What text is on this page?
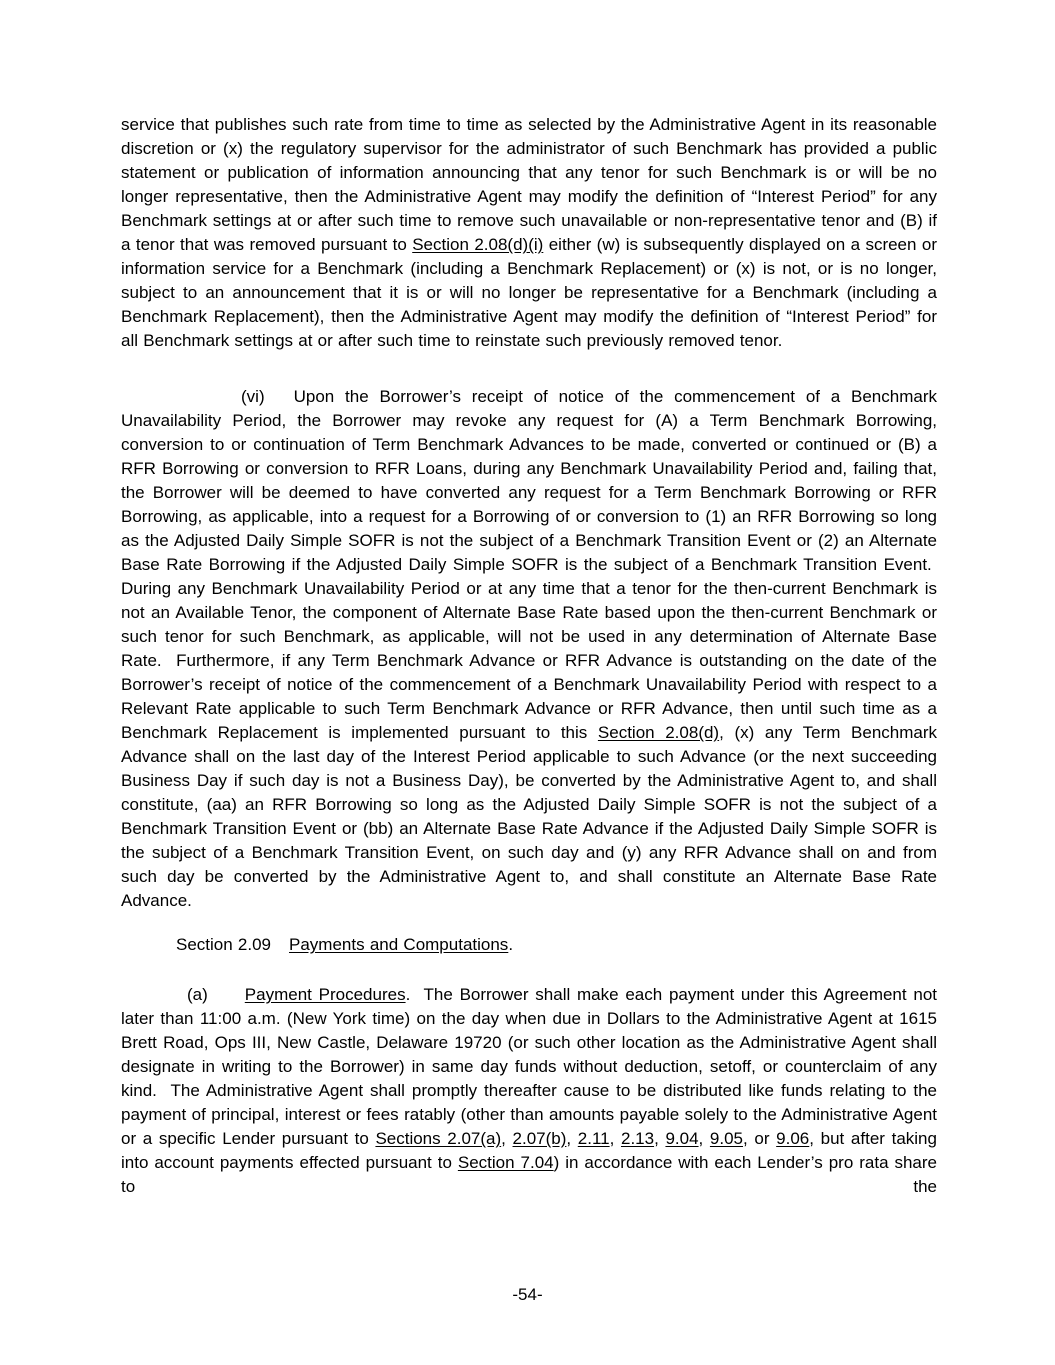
service that publishes such rate from time to time as selected by the Administrative Agent in its reasonable discretion or (x) the regulatory supervisor for the administrator of such Benchmark has provided a public statement or publication of information announcing that any tenor for such Benchmark is or will be no longer representative, then the Administrative Agent may modify the definition of “Interest Period” for any Benchmark settings at or after such time to remove such unavailable or non-representative tenor and (B) if a tenor that was removed pursuant to Section 2.08(d)(i) either (w) is subsequently displayed on a screen or information service for a Benchmark (including a Benchmark Replacement) or (x) is not, or is no longer, subject to an announcement that it is or will no longer be representative for a Benchmark (including a Benchmark Replacement), then the Administrative Agent may modify the definition of “Interest Period” for all Benchmark settings at or after such time to reinstate such previously removed tenor.

(vi) Upon the Borrower’s receipt of notice of the commencement of a Benchmark Unavailability Period, the Borrower may revoke any request for (A) a Term Benchmark Borrowing, conversion to or continuation of Term Benchmark Advances to be made, converted or continued or (B) a RFR Borrowing or conversion to RFR Loans, during any Benchmark Unavailability Period and, failing that, the Borrower will be deemed to have converted any request for a Term Benchmark Borrowing or RFR Borrowing, as applicable, into a request for a Borrowing of or conversion to (1) an RFR Borrowing so long as the Adjusted Daily Simple SOFR is not the subject of a Benchmark Transition Event or (2) an Alternate Base Rate Borrowing if the Adjusted Daily Simple SOFR is the subject of a Benchmark Transition Event.  During any Benchmark Unavailability Period or at any time that a tenor for the then-current Benchmark is not an Available Tenor, the component of Alternate Base Rate based upon the then-current Benchmark or such tenor for such Benchmark, as applicable, will not be used in any determination of Alternate Base Rate.  Furthermore, if any Term Benchmark Advance or RFR Advance is outstanding on the date of the Borrower’s receipt of notice of the commencement of a Benchmark Unavailability Period with respect to a Relevant Rate applicable to such Term Benchmark Advance or RFR Advance, then until such time as a Benchmark Replacement is implemented pursuant to this Section 2.08(d), (x) any Term Benchmark Advance shall on the last day of the Interest Period applicable to such Advance (or the next succeeding Business Day if such day is not a Business Day), be converted by the Administrative Agent to, and shall constitute, (aa) an RFR Borrowing so long as the Adjusted Daily Simple SOFR is not the subject of a Benchmark Transition Event or (bb) an Alternate Base Rate Advance if the Adjusted Daily Simple SOFR is the subject of a Benchmark Transition Event, on such day and (y) any RFR Advance shall on and from such day be converted by the Administrative Agent to, and shall constitute an Alternate Base Rate Advance.

Section 2.09 Payments and Computations.

(a) Payment Procedures.  The Borrower shall make each payment under this Agreement not later than 11:00 a.m. (New York time) on the day when due in Dollars to the Administrative Agent at 1615 Brett Road, Ops III, New Castle, Delaware 19720 (or such other location as the Administrative Agent shall designate in writing to the Borrower) in same day funds without deduction, setoff, or counterclaim of any kind.  The Administrative Agent shall promptly thereafter cause to be distributed like funds relating to the payment of principal, interest or fees ratably (other than amounts payable solely to the Administrative Agent or a specific Lender pursuant to Sections 2.07(a), 2.07(b), 2.11, 2.13, 9.04, 9.05, or 9.06, but after taking into account payments effected pursuant to Section 7.04) in accordance with each Lender’s pro rata share to the

-54-
